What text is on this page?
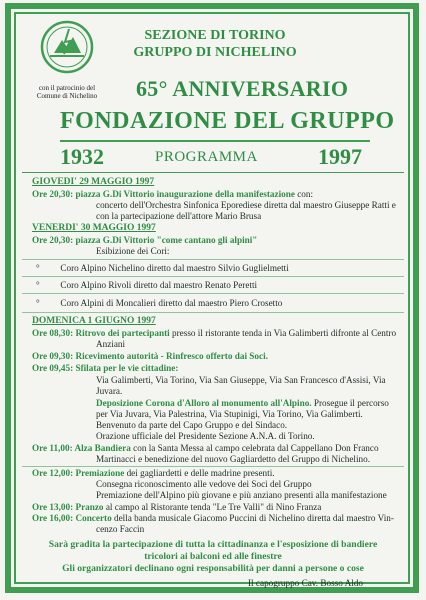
con il patrocinio del
Comune di Nichelino
SEZIONE DI TORINO
GRUPPO DI NICHELINO
65° ANNIVERSARIO
FONDAZIONE DEL GRUPPO
1932	PROGRAMMA	1997
GIOVEDI' 29 MAGGIO 1997
Ore 20,30: piazza G.Di Vittorio inaugurazione della manifestazione con:
concerto dell'Orchestra Sinfonica Eporediese diretta dal maestro Giuseppe Ratti e
con la partecipazione dell'attore Mario Brusa
VENERDI' 30 MAGGIO 1997
Ore 20,30: piazza G.Di Vittorio "come cantano gli alpini"
Esibizione dei Cori:
°         Coro Alpino Nichelino diretto dal maestro Silvio Guglielmetti
°         Coro Alpino Rivoli diretto dal maestro Renato Peretti
°         Coro Alpini di Moncalieri diretto dal maestro Piero Crosetto
DOMENICA 1 GIUGNO 1997
Ore 08,30: Ritrovo dei partecipanti presso il ristorante tenda in Via Galimberti difronte al Centro
Anziani
Ore 09,30: Ricevimento autorità - Rinfresco offerto dai Soci.
Ore 09,45: Sfilata per le vie cittadine:
Via Galimberti, Via Torino, Via San Giuseppe, Via San Francesco d'Assisi, Via
Juvara.
Deposizione Corona d'Alloro al monumento all'Alpino. Prosegue il percorso
per Via Juvara, Via Palestrina, Via Stupinigi, Via Torino, Via Galimberti.
Benvenuto da parte del Capo Gruppo e del Sindaco.
Orazione ufficiale del Presidente Sezione A.N.A. di Torino.
Ore 11,00: Alza Bandiera con la Santa Messa al campo celebrata dal Cappellano Don Franco
Martinacci e benedizione del nuovo Gagliardetto del Gruppo di Nichelino.
Ore 12,00: Premiazione dei gagliardetti e delle madrine presenti.
Consegna riconoscimento alle vedove dei Soci del Gruppo
Premiazione dell'Alpino più giovane e più anziano presenti alla manifestazione
Ore 13,00: Pranzo al campo al Ristorante tenda "Le Tre Valli" di Nino Franza
Ore 16,00: Concerto della banda musicale Giacomo Puccini di Nichelino diretta dal maestro Vin-
cenzo Faccin
Sarà gradita la partecipazione di tutta la cittadinanza e l'esposizione di bandiere
tricolori ai balconi ed alle finestre
Gli organizzatori declinano ogni responsabilità per danni a persone o cose
Il capogruppo Cav. Bosso Aldo
